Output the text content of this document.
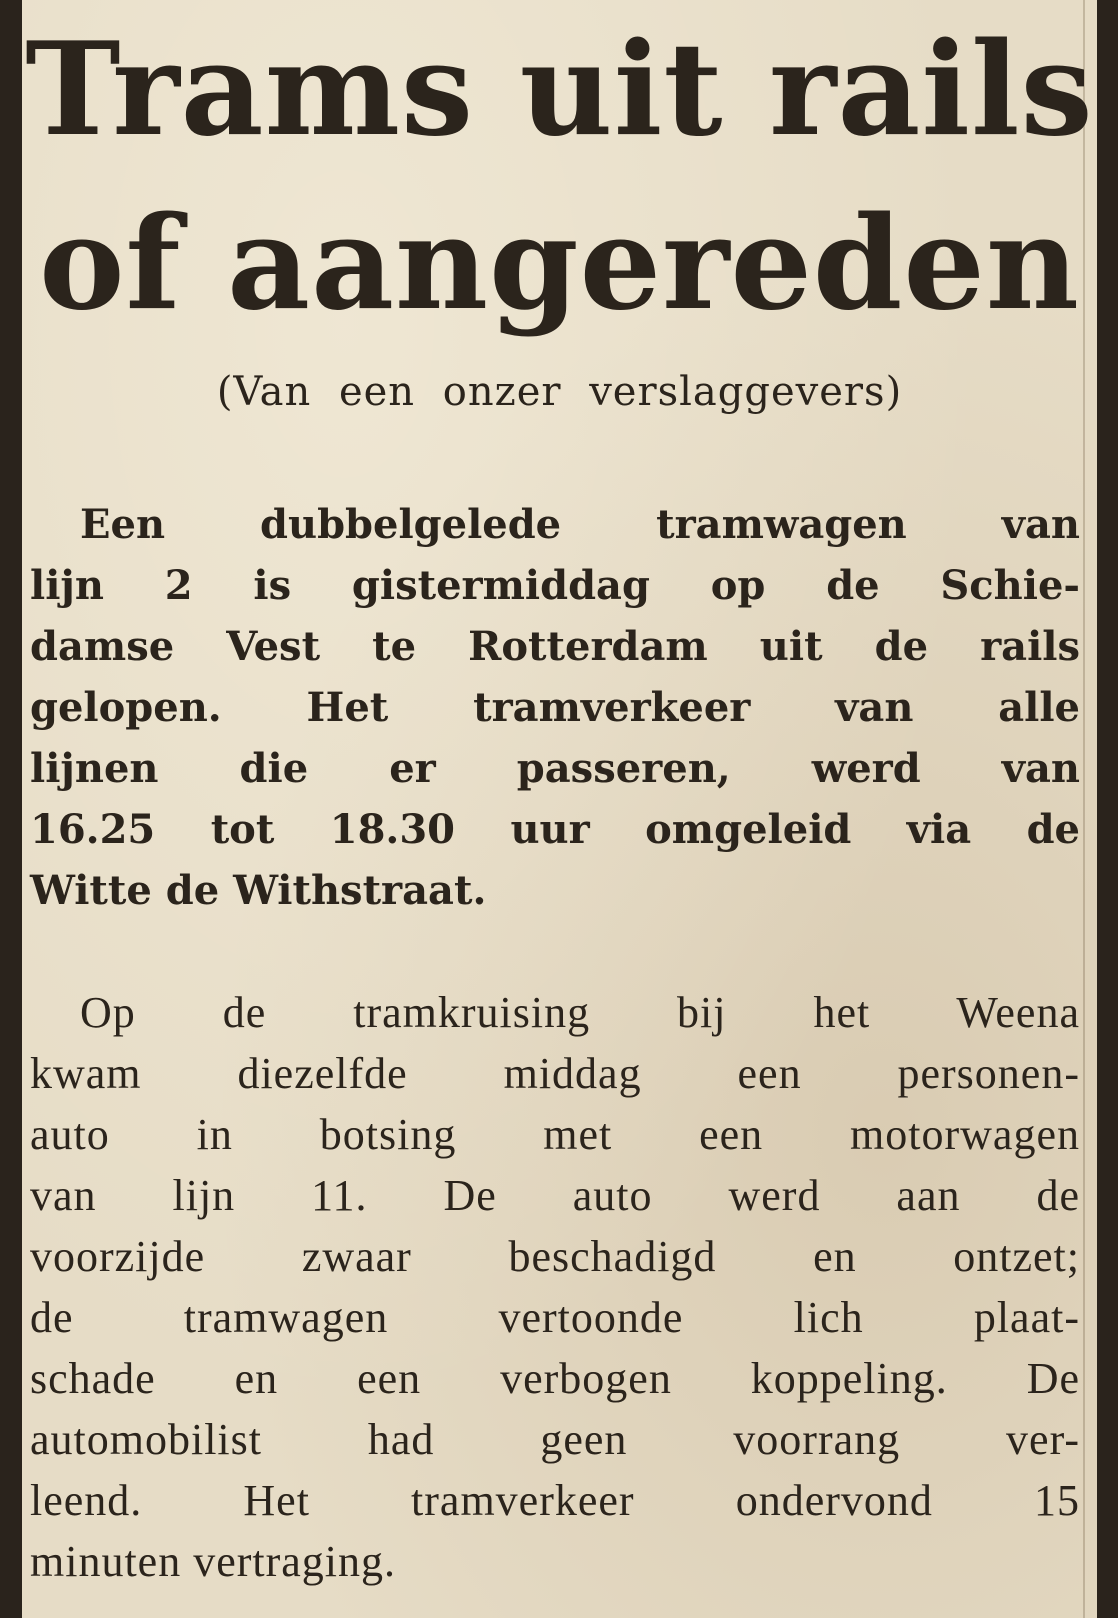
Trams uit rails
of aangereden
(Van een onzer verslaggevers)
Een dubbelgelede tramwagen van
lijn 2 is gistermiddag op de Schie-
damse Vest te Rotterdam uit de rails
gelopen. Het tramverkeer van alle
lijnen die er passeren, werd van
16.25 tot 18.30 uur omgeleid via de
Witte de Withstraat.
Op de tramkruising bij het Weena
kwam diezelfde middag een personen-
auto in botsing met een motorwagen
van lijn 11. De auto werd aan de
voorzijde zwaar beschadigd en ontzet;
de tramwagen vertoonde lich plaat-
schade en een verbogen koppeling. De
automobilist had geen voorrang ver-
leend. Het tramverkeer ondervond 15
minuten vertraging.
